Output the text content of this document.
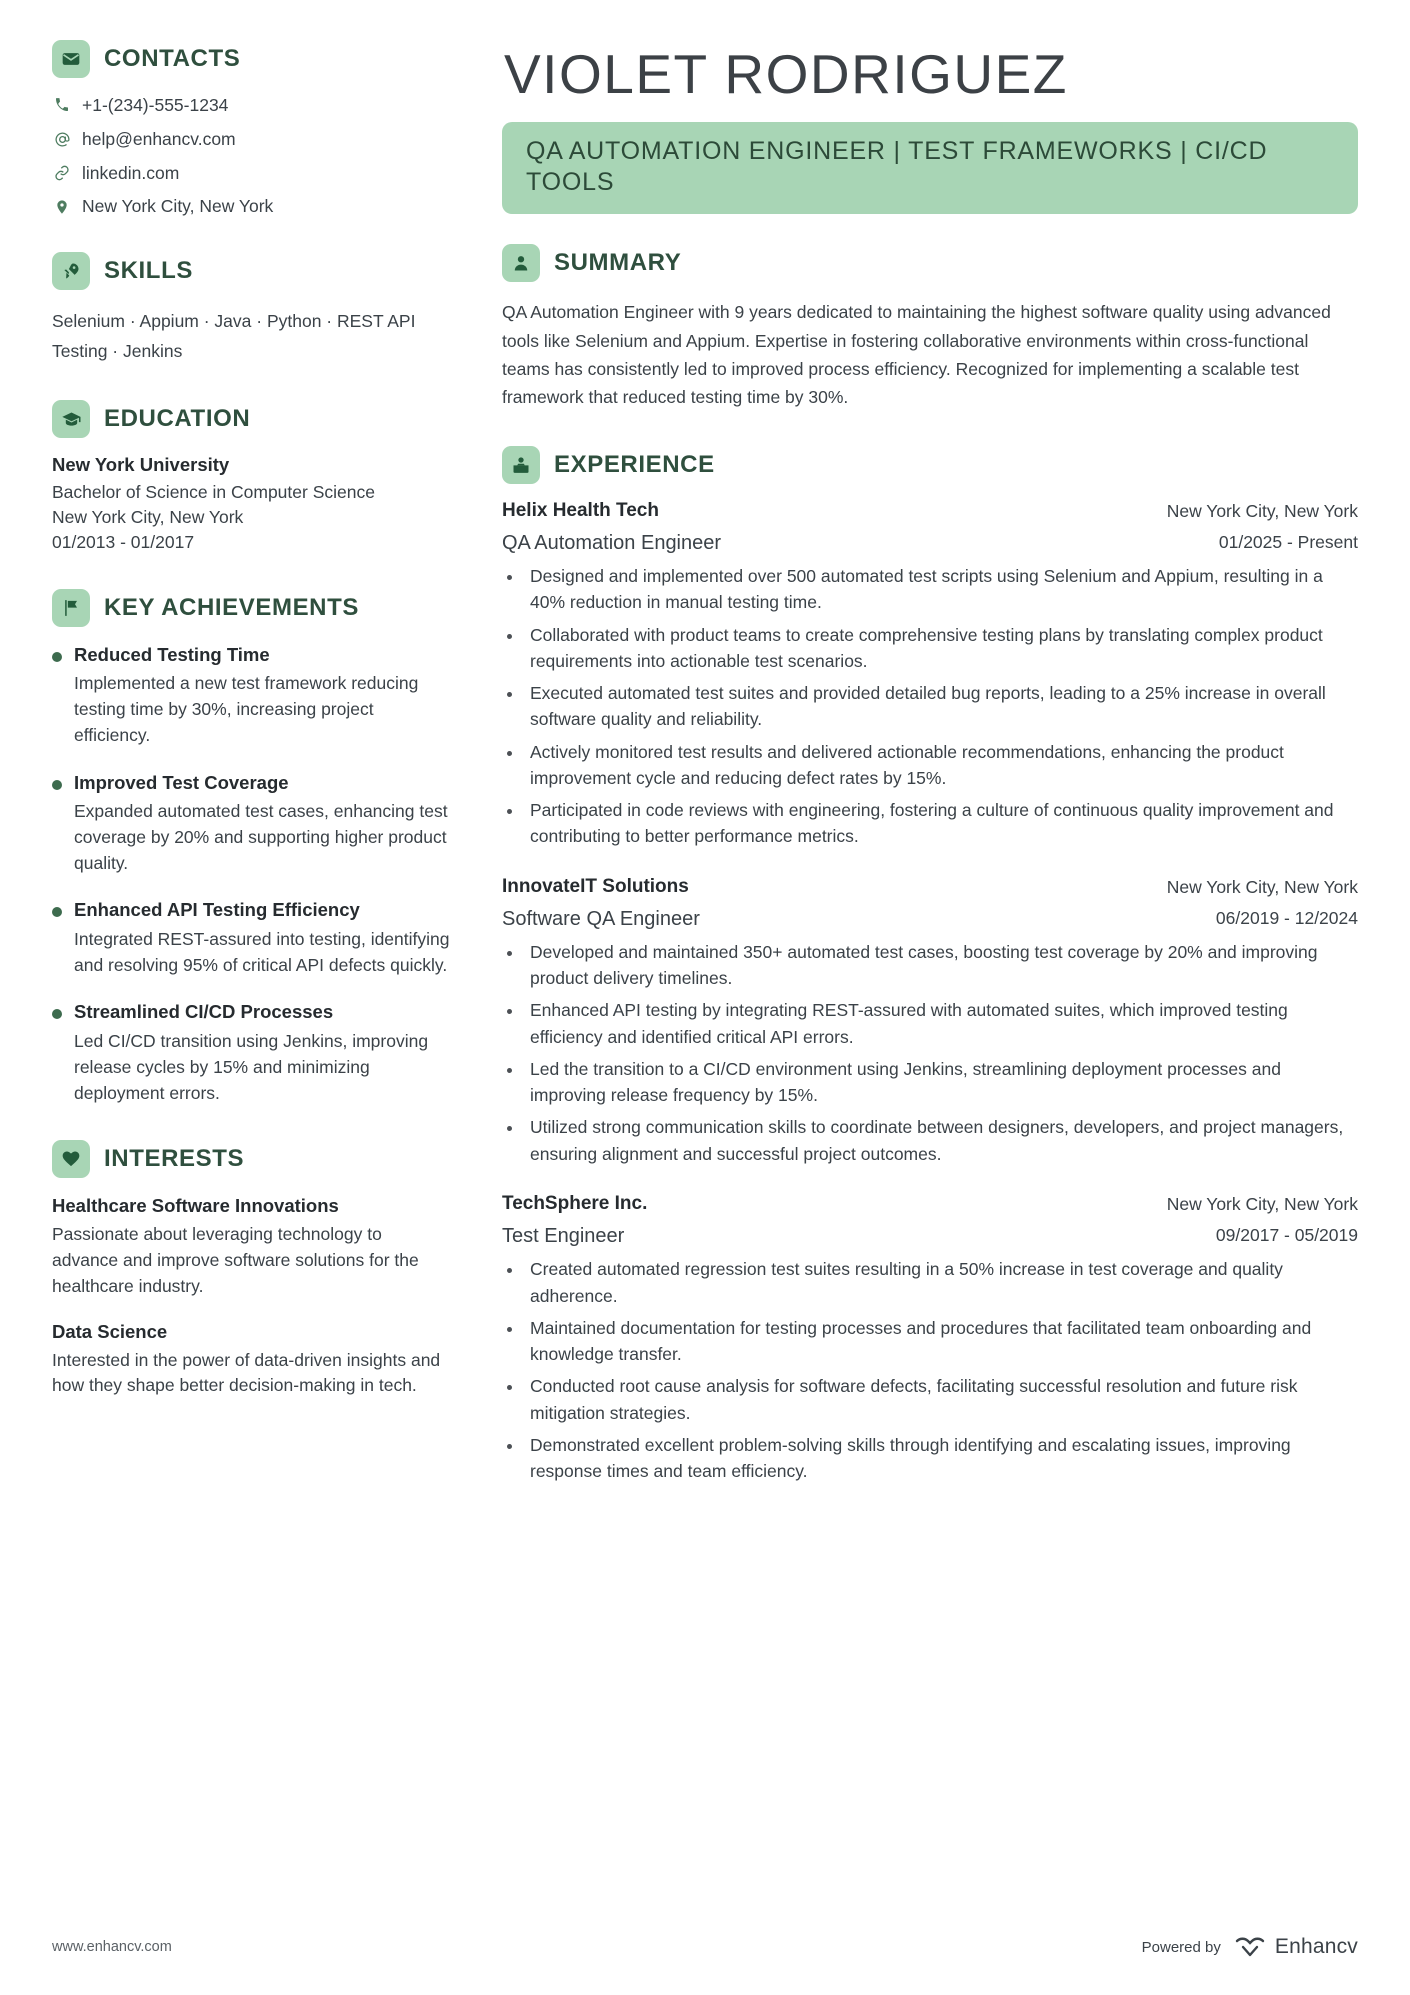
CONTACTS
+1-(234)-555-1234
help@enhancv.com
linkedin.com
New York City, New York
SKILLS
Selenium · Appium · Java · Python · REST API Testing · Jenkins
EDUCATION
New York University
Bachelor of Science in Computer Science
New York City, New York
01/2013 - 01/2017
KEY ACHIEVEMENTS
Reduced Testing Time
Implemented a new test framework reducing testing time by 30%, increasing project efficiency.
Improved Test Coverage
Expanded automated test cases, enhancing test coverage by 20% and supporting higher product quality.
Enhanced API Testing Efficiency
Integrated REST-assured into testing, identifying and resolving 95% of critical API defects quickly.
Streamlined CI/CD Processes
Led CI/CD transition using Jenkins, improving release cycles by 15% and minimizing deployment errors.
INTERESTS
Healthcare Software Innovations
Passionate about leveraging technology to advance and improve software solutions for the healthcare industry.
Data Science
Interested in the power of data-driven insights and how they shape better decision-making in tech.
VIOLET RODRIGUEZ
QA AUTOMATION ENGINEER | TEST FRAMEWORKS | CI/CD TOOLS
SUMMARY
QA Automation Engineer with 9 years dedicated to maintaining the highest software quality using advanced tools like Selenium and Appium. Expertise in fostering collaborative environments within cross-functional teams has consistently led to improved process efficiency. Recognized for implementing a scalable test framework that reduced testing time by 30%.
EXPERIENCE
Helix Health Tech	New York City, New York
QA Automation Engineer	01/2025 - Present
• Designed and implemented over 500 automated test scripts using Selenium and Appium, resulting in a 40% reduction in manual testing time.
• Collaborated with product teams to create comprehensive testing plans by translating complex product requirements into actionable test scenarios.
• Executed automated test suites and provided detailed bug reports, leading to a 25% increase in overall software quality and reliability.
• Actively monitored test results and delivered actionable recommendations, enhancing the product improvement cycle and reducing defect rates by 15%.
• Participated in code reviews with engineering, fostering a culture of continuous quality improvement and contributing to better performance metrics.
InnovateIT Solutions	New York City, New York
Software QA Engineer	06/2019 - 12/2024
• Developed and maintained 350+ automated test cases, boosting test coverage by 20% and improving product delivery timelines.
• Enhanced API testing by integrating REST-assured with automated suites, which improved testing efficiency and identified critical API errors.
• Led the transition to a CI/CD environment using Jenkins, streamlining deployment processes and improving release frequency by 15%.
• Utilized strong communication skills to coordinate between designers, developers, and project managers, ensuring alignment and successful project outcomes.
TechSphere Inc.	New York City, New York
Test Engineer	09/2017 - 05/2019
• Created automated regression test suites resulting in a 50% increase in test coverage and quality adherence.
• Maintained documentation for testing processes and procedures that facilitated team onboarding and knowledge transfer.
• Conducted root cause analysis for software defects, facilitating successful resolution and future risk mitigation strategies.
• Demonstrated excellent problem-solving skills through identifying and escalating issues, improving response times and team efficiency.
www.enhancv.com	Powered by	Enhancv
